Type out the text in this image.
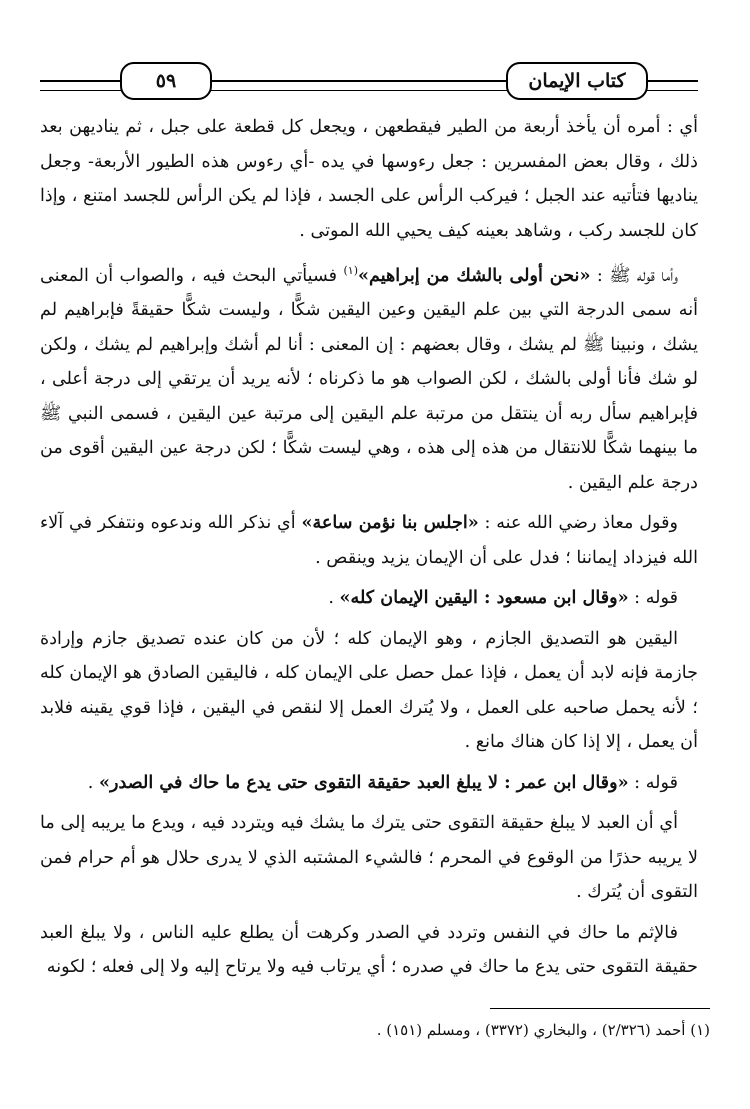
كتاب الإيمان
٥٩

أي : أمره أن يأخذ أربعة من الطير فيقطعهن ، ويجعل كل قطعة على جبل ، ثم يناديهن بعد ذلك ، وقال بعض المفسرين : جعل رءوسها في يده -أي رءوس هذه الطيور الأربعة- وجعل يناديها فتأتيه عند الجبل ؛ فيركب الرأس على الجسد ، فإذا لم يكن الرأس للجسد امتنع ، وإذا كان للجسد ركب ، وشاهد بعينه كيف يحيي الله الموتى .

وأما قوله ﷺ : «نحن أولى بالشك من إبراهيم»$^{(١)}$ فسيأتي البحث فيه ، والصواب أن المعنى أنه سمى الدرجة التي بين علم اليقين وعين اليقين شكًّا ، وليست شكًّا حقيقةً فإبراهيم لم يشك ، ونبينا ﷺ لم يشك ، وقال بعضهم : إن المعنى : أنا لم أشك وإبراهيم لم يشك ، ولكن لو شك فأنا أولى بالشك ، لكن الصواب هو ما ذكرناه ؛ لأنه يريد أن يرتقي إلى درجة أعلى ، فإبراهيم سأل ربه أن ينتقل من مرتبة علم اليقين إلى مرتبة عين اليقين ، فسمى النبي ﷺ ما بينهما شكًّا للانتقال من هذه إلى هذه ، وهي ليست شكًّا ؛ لكن درجة عين اليقين أقوى من درجة علم اليقين .

وقول معاذ رضي الله عنه : «اجلس بنا نؤمن ساعة» أي نذكر الله وندعوه ونتفكر في آلاء الله فيزداد إيماننا ؛ فدل على أن الإيمان يزيد وينقص .

قوله : «وقال ابن مسعود : اليقين الإيمان كله» .

اليقين هو التصديق الجازم ، وهو الإيمان كله ؛ لأن من كان عنده تصديق جازم وإرادة جازمة فإنه لابد أن يعمل ، فإذا عمل حصل على الإيمان كله ، فاليقين الصادق هو الإيمان كله ؛ لأنه يحمل صاحبه على العمل ، ولا يُترك العمل إلا لنقص في اليقين ، فإذا قوي يقينه فلابد أن يعمل ، إلا إذا كان هناك مانع .

قوله : «وقال ابن عمر : لا يبلغ العبد حقيقة التقوى حتى يدع ما حاك في الصدر» .

أي أن العبد لا يبلغ حقيقة التقوى حتى يترك ما يشك فيه ويتردد فيه ، ويدع ما يريبه إلى ما لا يريبه حذرًا من الوقوع في المحرم ؛ فالشيء المشتبه الذي لا يدرى حلال هو أم حرام فمن التقوى أن يُترك .

فالإثم ما حاك في النفس وتردد في الصدر وكرهت أن يطلع عليه الناس ، ولا يبلغ العبد حقيقة التقوى حتى يدع ما حاك في صدره ؛ أي يرتاب فيه ولا يرتاح إليه ولا إلى فعله ؛ لكونه

(١) أحمد (٢/٣٢٦) ، والبخاري (٣٣٧٢) ، ومسلم (١٥١) .
